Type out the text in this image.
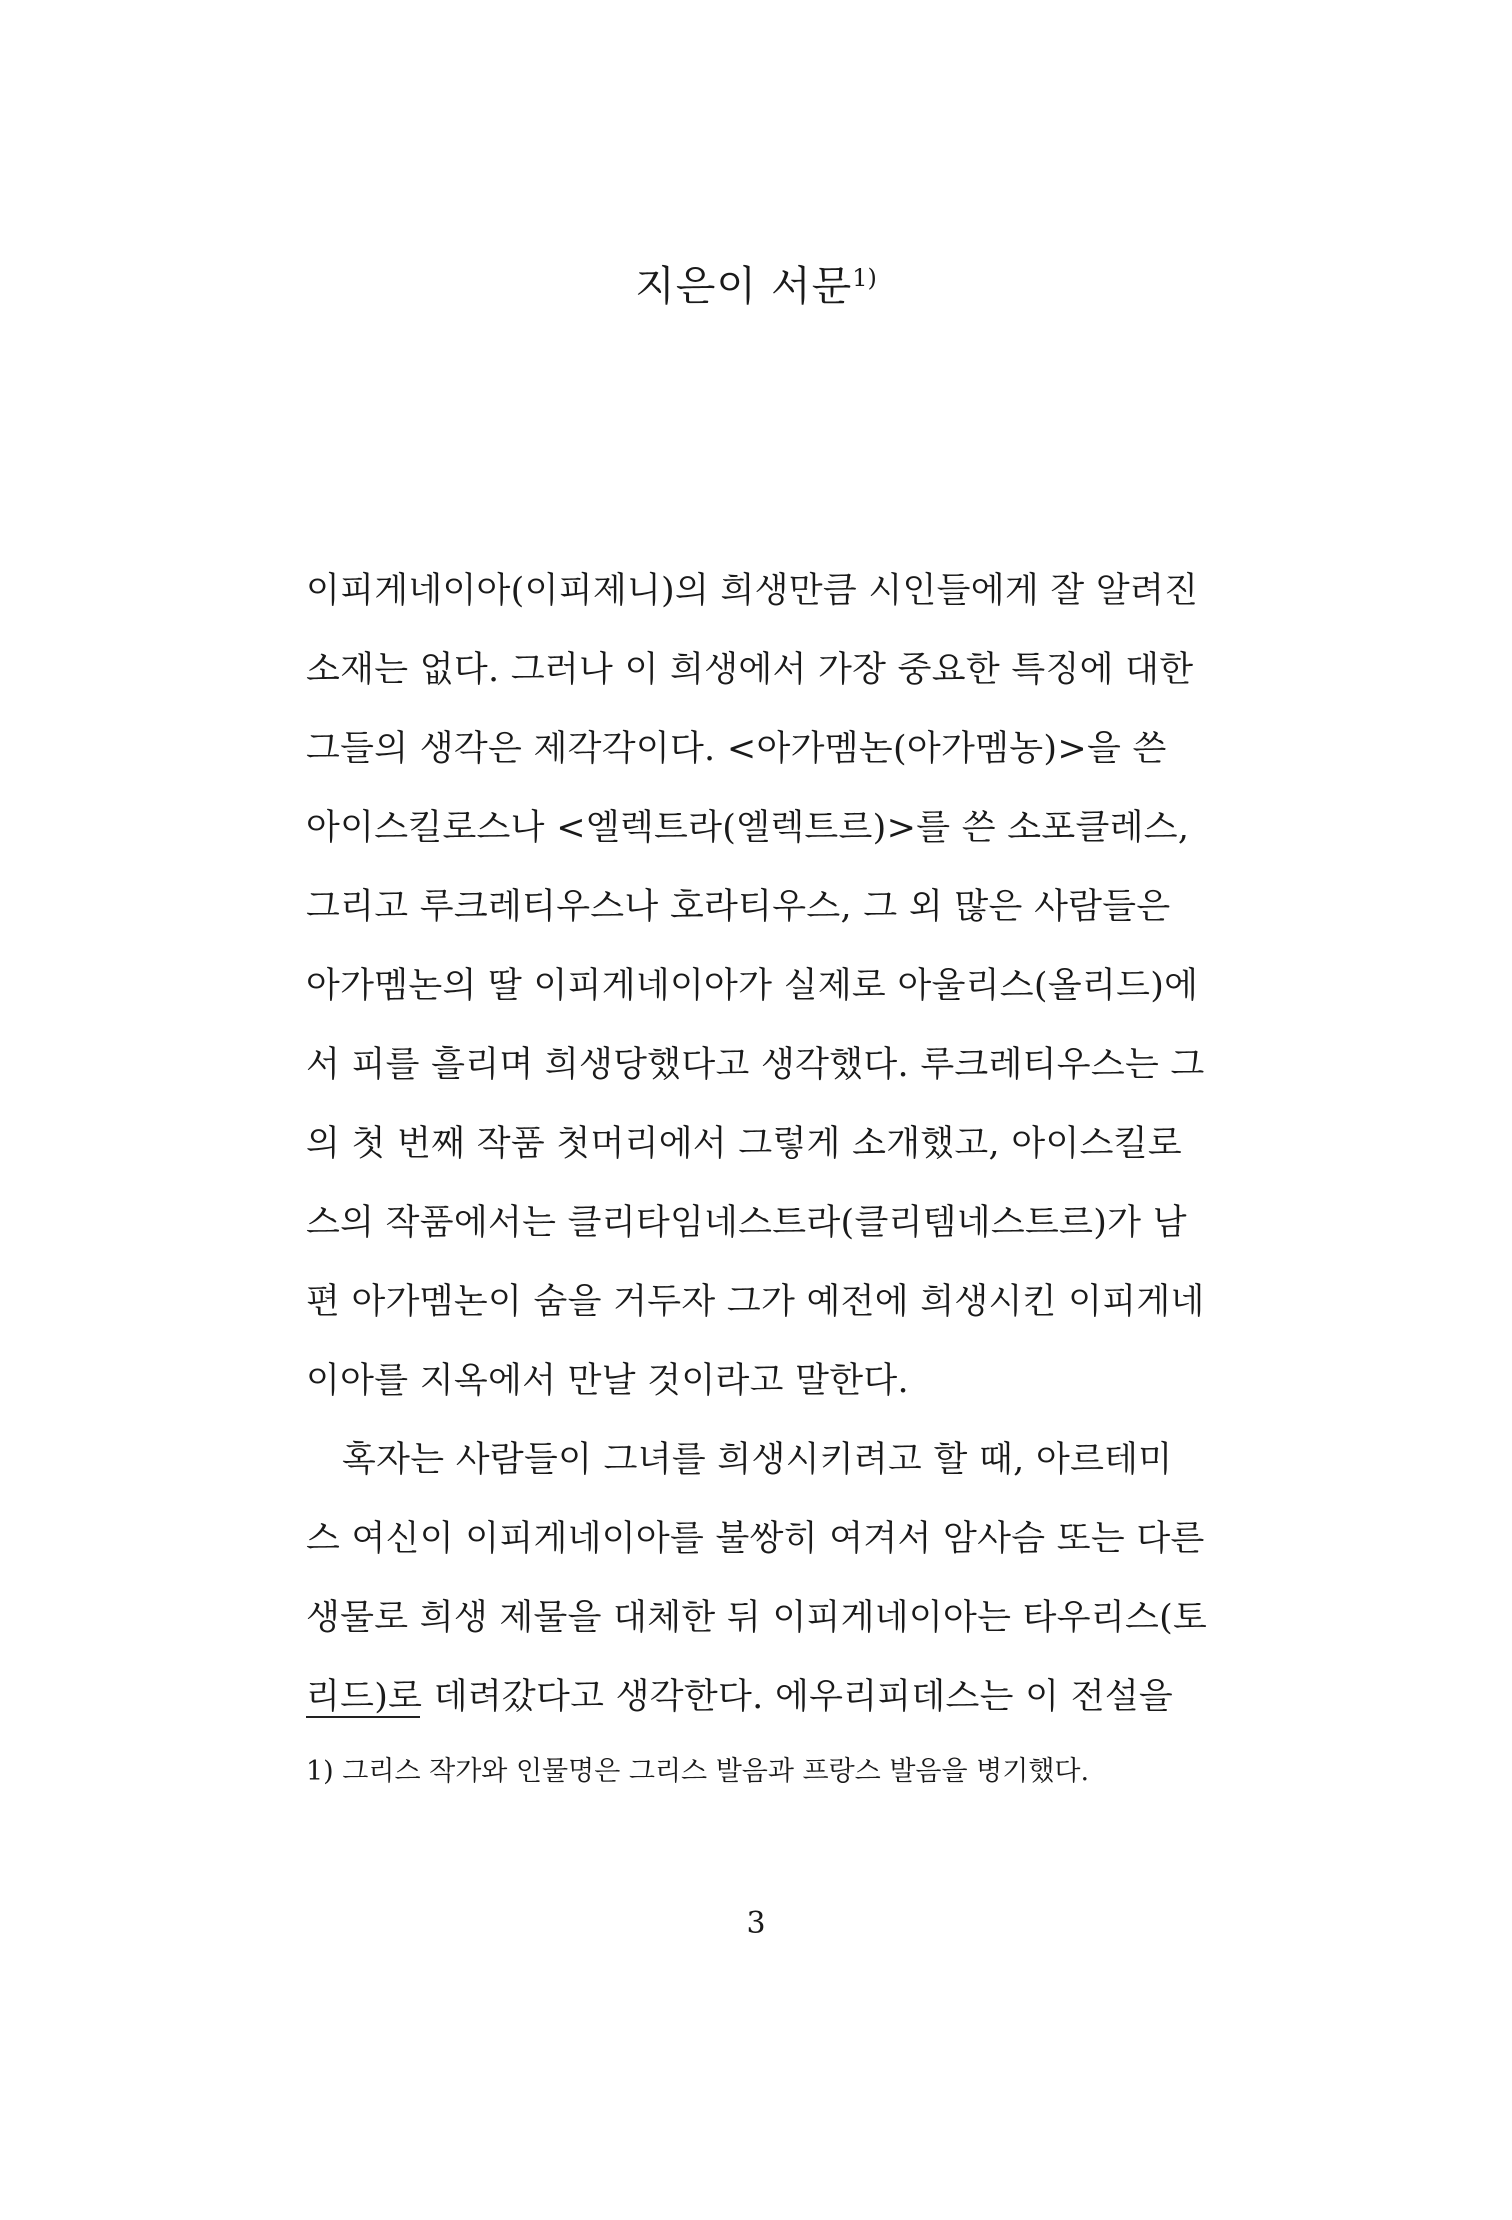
지은이 서문$^{1)}$
이피게네이아(이피제니)의 희생만큼 시인들에게 잘 알려진
소재는 없다. 그러나 이 희생에서 가장 중요한 특징에 대한
그들의 생각은 제각각이다. <아가멤논(아가멤농)>을 쓴
아이스킬로스나 <엘렉트라(엘렉트르)>를 쓴 소포클레스,
그리고 루크레티우스나 호라티우스, 그 외 많은 사람들은
아가멤논의 딸 이피게네이아가 실제로 아울리스(올리드)에
서 피를 흘리며 희생당했다고 생각했다. 루크레티우스는 그
의 첫 번째 작품 첫머리에서 그렇게 소개했고, 아이스킬로
스의 작품에서는 클리타임네스트라(클리템네스트르)가 남
편 아가멤논이 숨을 거두자 그가 예전에 희생시킨 이피게네
이아를 지옥에서 만날 것이라고 말한다.
혹자는 사람들이 그녀를 희생시키려고 할 때, 아르테미
스 여신이 이피게네이아를 불쌍히 여겨서 암사슴 또는 다른
생물로 희생 제물을 대체한 뒤 이피게네이아는 타우리스(토
리드)로 데려갔다고 생각한다. 에우리피데스는 이 전설을
1) 그리스 작가와 인물명은 그리스 발음과 프랑스 발음을 병기했다.
3
